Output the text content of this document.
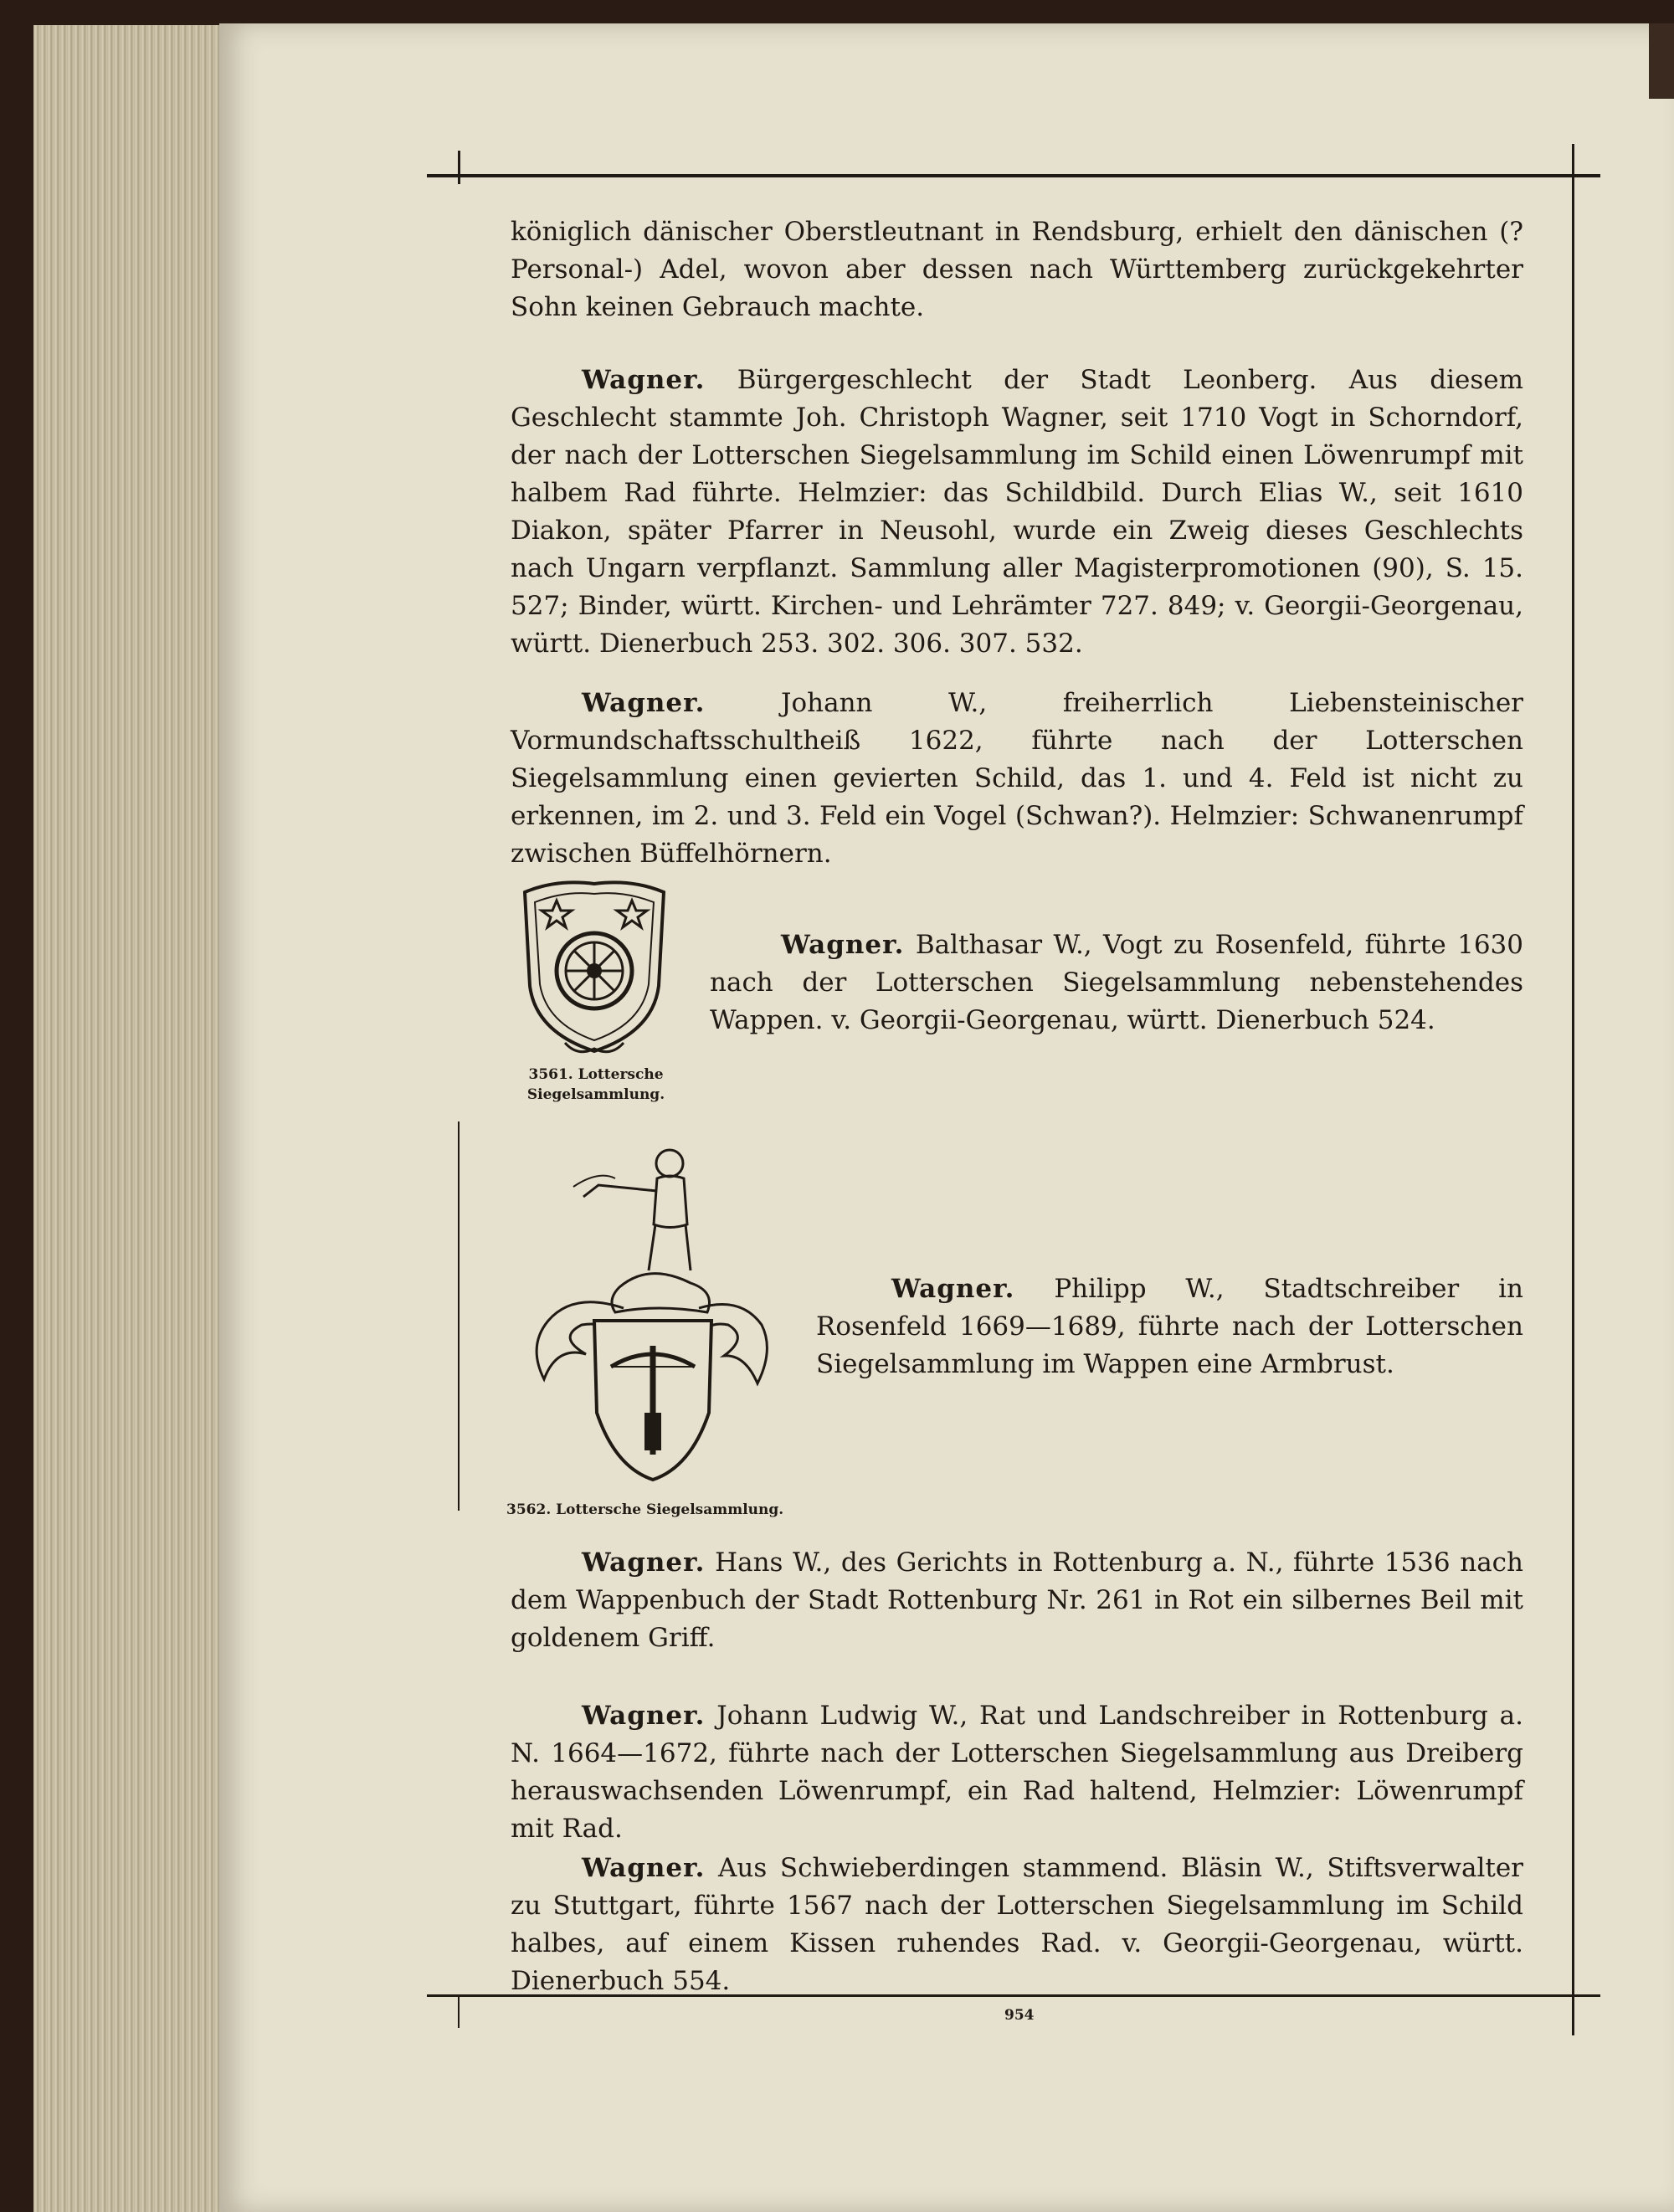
königlich dänischer Oberstleutnant in Rendsburg, erhielt den dänischen (? Personal-) Adel, wovon aber dessen nach Württemberg zurückgekehrter Sohn keinen Gebrauch machte.
Wagner. Bürgergeschlecht der Stadt Leonberg. Aus diesem Geschlecht stammte Joh. Christoph Wagner, seit 1710 Vogt in Schorndorf, der nach der Lotterschen Siegelsammlung im Schild einen Löwenrumpf mit halbem Rad führte. Helmzier: das Schildbild. Durch Elias W., seit 1610 Diakon, später Pfarrer in Neusohl, wurde ein Zweig dieses Geschlechts nach Ungarn verpflanzt. Sammlung aller Magisterpromotionen (90), S. 15. 527; Binder, württ. Kirchen- und Lehrämter 727. 849; v. Georgii-Georgenau, württ. Dienerbuch 253. 302. 306. 307. 532.
Wagner.	Johann W., freiherrlich Liebensteinischer Vormundschaftsschultheiß 1622, führte nach der Lotterschen Siegelsammlung einen gevierten Schild, das 1. und 4. Feld ist nicht zu erkennen, im 2. und 3. Feld ein Vogel (Schwan?). Helmzier: Schwanenrumpf zwischen Büffelhörnern.
3561. Lottersche
Siegelsammlung.
Wagner. Balthasar W., Vogt zu Rosenfeld, führte 1630 nach der Lotterschen Siegelsammlung nebenstehendes Wappen. v. Georgii-Georgenau, württ. Dienerbuch 524.
3562. Lottersche Siegelsammlung.
Wagner. Philipp W., Stadtschreiber in Rosenfeld 1669—1689, führte nach der Lotterschen Siegelsammlung im Wappen eine Armbrust.
Wagner. Hans W., des Gerichts in Rottenburg a. N., führte 1536 nach dem Wappenbuch der Stadt Rottenburg Nr. 261 in Rot ein silbernes Beil mit goldenem Griff.
Wagner. Johann Ludwig W., Rat und Landschreiber in Rottenburg a. N. 1664—1672, führte nach der Lotterschen Siegelsammlung aus Dreiberg herauswachsenden Löwenrumpf, ein Rad haltend, Helmzier: Löwenrumpf mit Rad.
Wagner. Aus Schwieberdingen stammend. Bläsin W., Stiftsverwalter zu Stuttgart, führte 1567 nach der Lotterschen Siegelsammlung im Schild halbes, auf einem Kissen ruhendes Rad. v. Georgii-Georgenau, württ. Dienerbuch 554.
954
